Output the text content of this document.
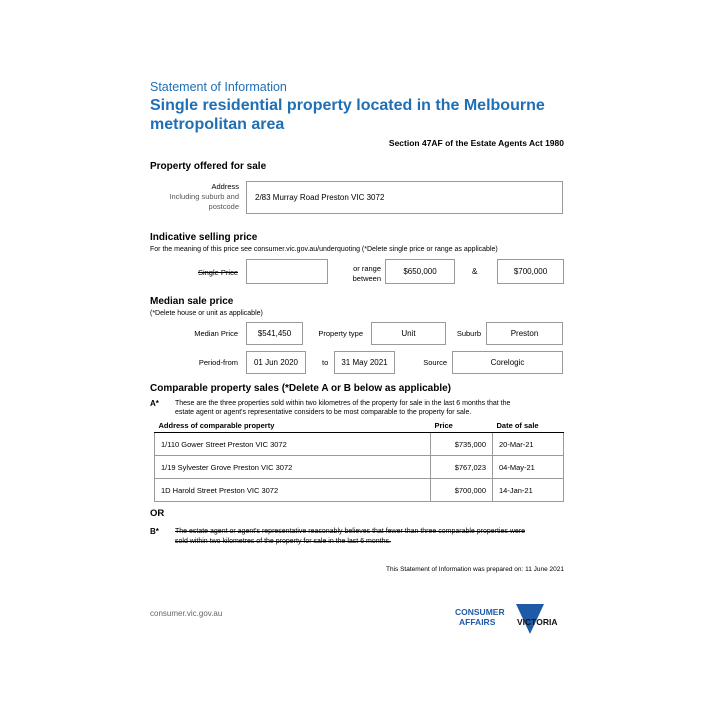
Statement of Information
Single residential property located in the Melbourne
metropolitan area
Section 47AF of the Estate Agents Act 1980
Property offered for sale
Address
Including suburb and
postcode
2/83 Murray Road Preston VIC 3072
Indicative selling price
For the meaning of this price see consumer.vic.gov.au/underquoting (*Delete single price or range as applicable)
Single Price	or range
between
$650,000	&	$700,000
Median sale price
(*Delete house or unit as applicable)
Median Price $541,450	Property type	Unit	Suburb	Preston
Period-from 01 Jun 2020	to 31 May 2021	Source	Corelogic
Comparable property sales (*Delete A or B below as applicable)
A* These are the three properties sold within two kilometres of the property for sale in the last 6 months that the
estate agent or agent's representative considers to be most comparable to the property for sale.
Address of comparable property	Price	Date of sale
1/110 Gower Street Preston VIC 3072	$735,000	20-Mar-21
1/19 Sylvester Grove Preston VIC 3072	$767,023	04-May-21
1D Harold Street Preston VIC 3072	$700,000	14-Jan-21
OR
B* The estate agent or agent's representative reasonably believes that fewer than three comparable properties were
sold within two kilometres of the property for sale in the last 6 months.
This Statement of Information was prepared on: 11 June 2021
consumer.vic.gov.au	CONSUMER
AFFAIRS	VICTORIA
